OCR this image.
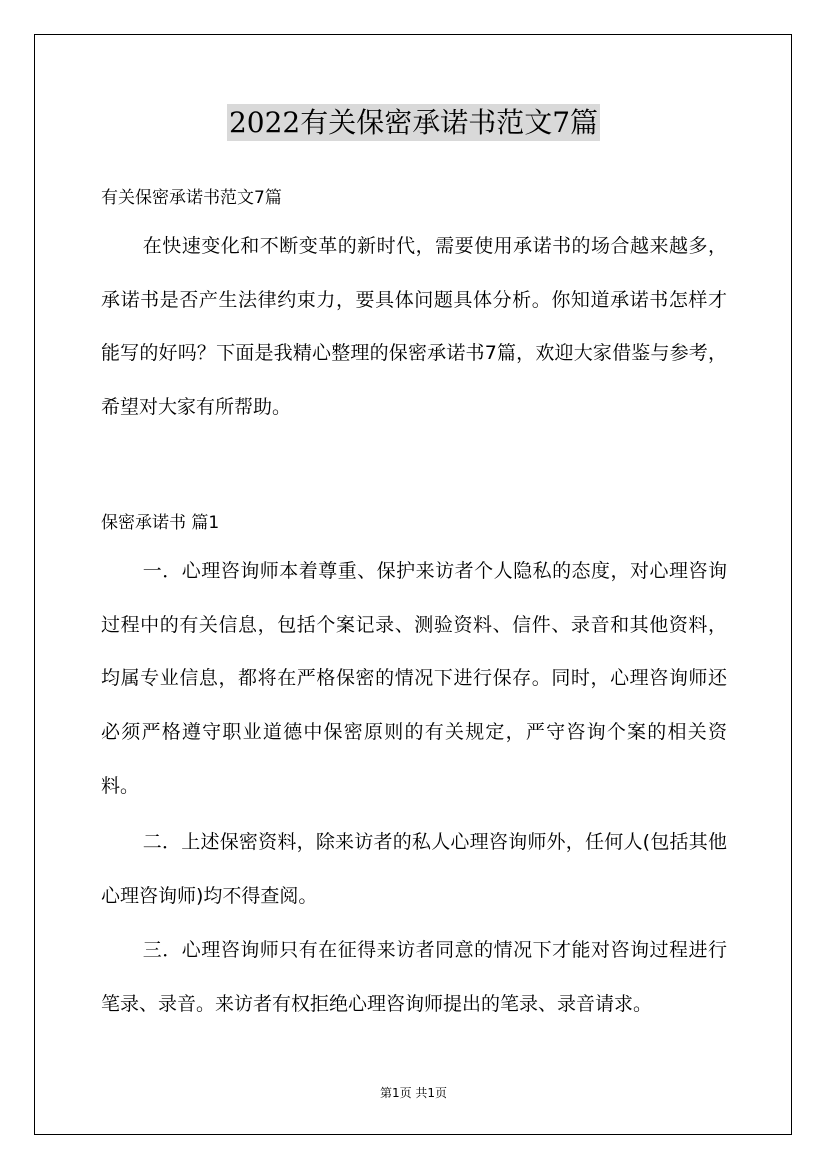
2022有关保密承诺书范文7篇
有关保密承诺书范文7篇
在快速变化和不断变革的新时代，需要使用承诺书的场合越来越多，承诺书是否产生法律约束力，要具体问题具体分析。你知道承诺书怎样才能写的好吗？下面是我精心整理的保密承诺书7篇，欢迎大家借鉴与参考，希望对大家有所帮助。
保密承诺书 篇1
一．心理咨询师本着尊重、保护来访者个人隐私的态度，对心理咨询过程中的有关信息，包括个案记录、测验资料、信件、录音和其他资料，均属专业信息，都将在严格保密的情况下进行保存。同时，心理咨询师还必须严格遵守职业道德中保密原则的有关规定，严守咨询个案的相关资料。
二．上述保密资料，除来访者的私人心理咨询师外，任何人(包括其他心理咨询师)均不得查阅。
三．心理咨询师只有在征得来访者同意的情况下才能对咨询过程进行笔录、录音。来访者有权拒绝心理咨询师提出的笔录、录音请求。
第1页 共1页
